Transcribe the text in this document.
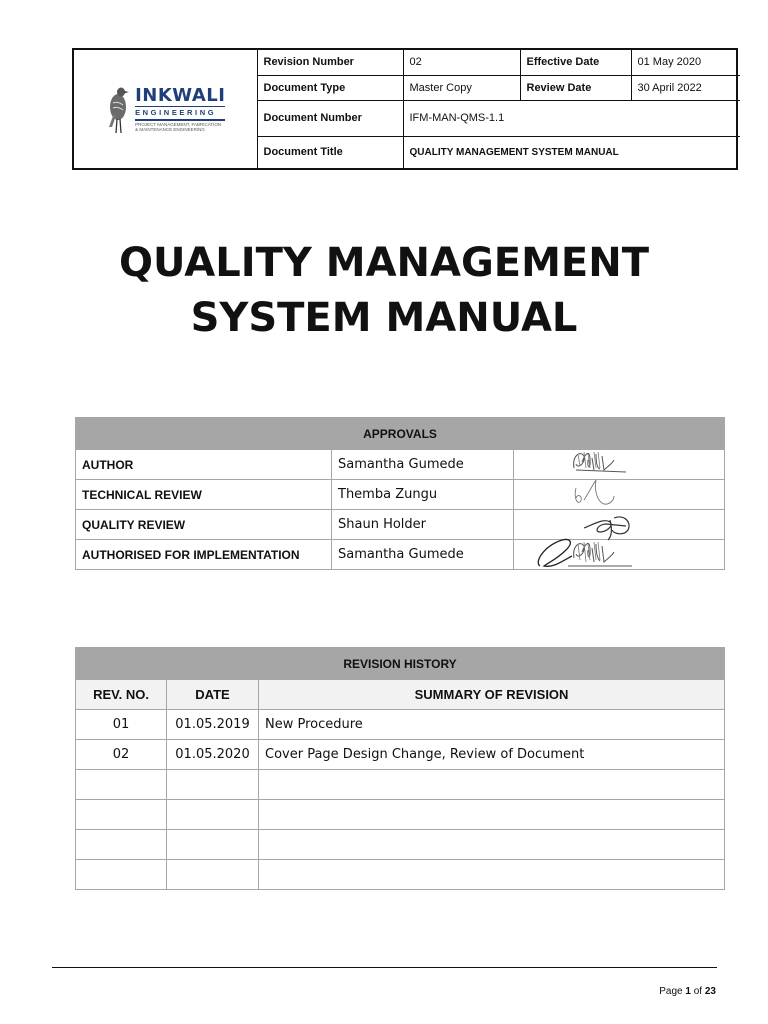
INKWALI
ENGINEERING
PROJECT MANAGEMENT, FABRICATION
& MAINTENANCE ENGINEERING	Revision Number	02	Effective Date	01 May 2020
	Document Type	Master Copy	Review Date	30 April 2022
	Document Number	IFM-MAN-QMS-1.1		
	Document Title	QUALITY MANAGEMENT SYSTEM MANUAL		
QUALITY MANAGEMENT
SYSTEM MANUAL
APPROVALS		
AUTHOR	Samantha Gumede	

TECHNICAL REVIEW	Themba Zungu	

QUALITY REVIEW	Shaun Holder	

AUTHORISED FOR IMPLEMENTATION	Samantha Gumede	
REVISION HISTORY		
REV. NO.	DATE	SUMMARY OF REVISION
01	01.05.2019	New Procedure
02	01.05.2020	Cover Page Design Change, Review of Document

Page 1 of 23
